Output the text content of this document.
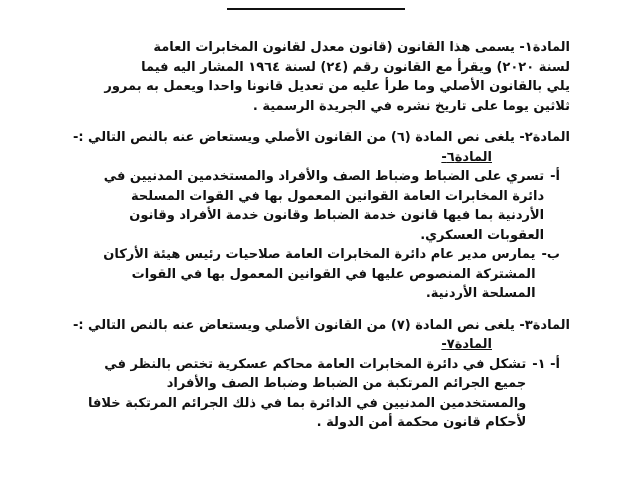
المادة١- يسمى هذا القانون (قانون معدل لقانون المخابرات العامة

لسنة ٢٠٢٠) ويقرأ مع القانون رقم (٢٤) لسنة ١٩٦٤ المشار اليه فيما

يلي بالقانون الأصلي وما طرأ عليه من تعديل قانونا واحدا ويعمل به بمرور

ثلاثين يوما على تاريخ نشره في الجريدة الرسمية .

المادة٢- يلغى نص المادة (٦) من القانون الأصلي ويستعاض عنه بالنص التالي :-

المادة٦-

أ-

تسري على الضباط وضباط الصف والأفراد والمستخدمين المدنيين في

دائرة المخابرات العامة القوانين المعمول بها في القوات المسلحة

الأردنية بما فيها قانون خدمة الضباط وقانون خدمة الأفراد وقانون

العقوبات العسكري.

ب-

يمارس مدير عام دائرة المخابرات العامة صلاحيات رئيس هيئة الأركان

المشتركة المنصوص عليها في القوانين المعمول بها في القوات

المسلحة الأردنية.

المادة٣- يلغى نص المادة (٧) من القانون الأصلي ويستعاض عنه بالنص التالي :-

المادة٧-

أ- ١-

تشكل في دائرة المخابرات العامة محاكم عسكرية تختص بالنظر في

جميع الجرائم المرتكبة من الضباط وضباط الصف والأفراد

والمستخدمين المدنيين في الدائرة بما في ذلك الجرائم المرتكبة خلافا

لأحكام قانون محكمة أمن الدولة .
